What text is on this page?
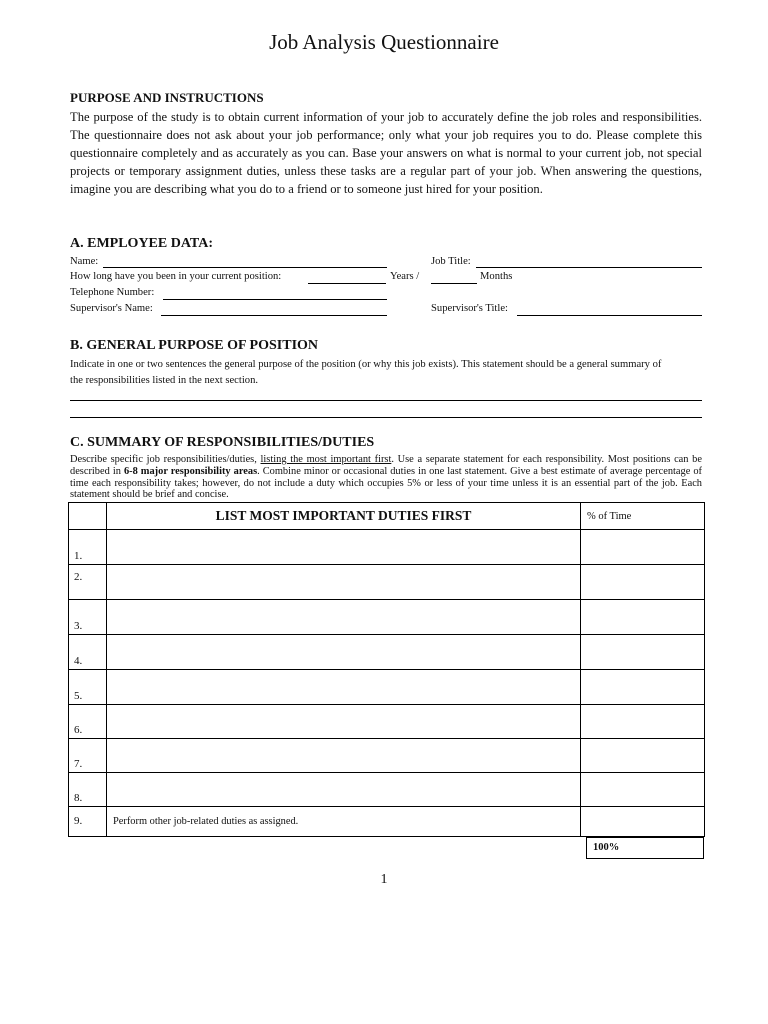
Job Analysis Questionnaire
PURPOSE AND INSTRUCTIONS
The purpose of the study is to obtain current information of your job to accurately define the job roles and responsibilities. The questionnaire does not ask about your job performance; only what your job requires you to do. Please complete this questionnaire completely and as accurately as you can. Base your answers on what is normal to your current job, not special projects or temporary assignment duties, unless these tasks are a regular part of your job. When answering the questions, imagine you are describing what you do to a friend or to someone just hired for your position.
A. EMPLOYEE DATA:
Name:	Job Title:
How long have you been in your current position:	Years /	Months
Telephone Number:
Supervisor's Name:	Supervisor's Title:
B. GENERAL PURPOSE OF POSITION
Indicate in one or two sentences the general purpose of the position (or why this job exists). This statement should be a general summary of the responsibilities listed in the next section.
C. SUMMARY OF RESPONSIBILITIES/DUTIES
Describe specific job responsibilities/duties, listing the most important first. Use a separate statement for each responsibility. Most positions can be described in 6-8 major responsibility areas. Combine minor or occasional duties in one last statement. Give a best estimate of average percentage of time each responsibility takes; however, do not include a duty which occupies 5% or less of your time unless it is an essential part of the job. Each statement should be brief and concise.
	LIST MOST IMPORTANT DUTIES FIRST	% of Time
1.		
2.		
3.		
4.		
5.		
6.		
7.		
8.		
9.	Perform other job-related duties as assigned.	
100%
1
